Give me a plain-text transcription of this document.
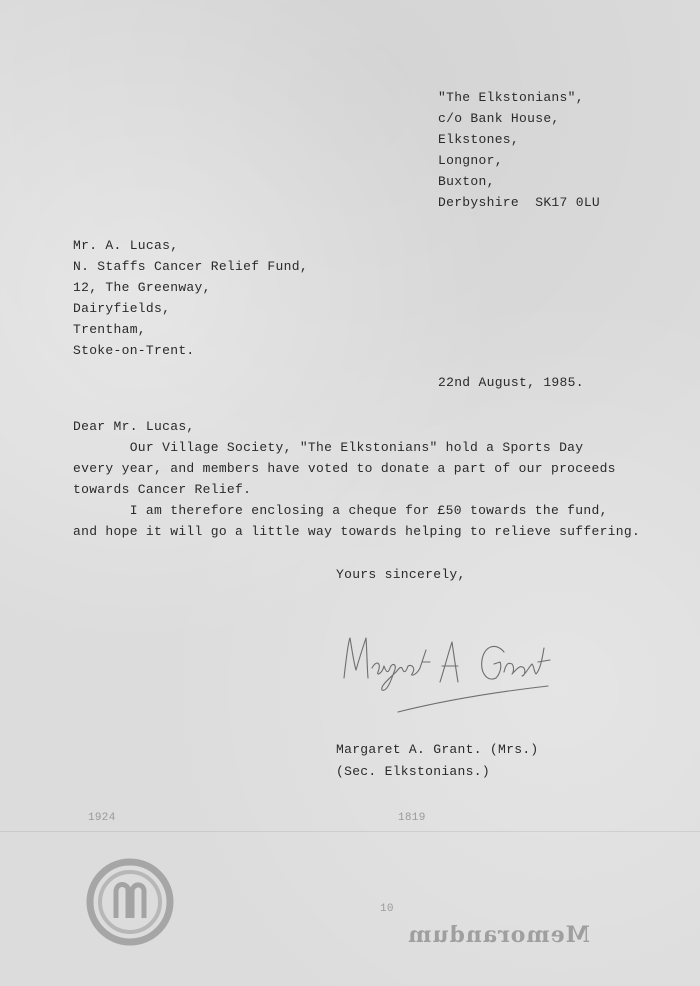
"The Elkstonians",
c/o Bank House,
Elkstones,
Longnor,
Buxton,
Derbyshire  SK17 0LU
Mr. A. Lucas,
N. Staffs Cancer Relief Fund,
12, The Greenway,
Dairyfields,
Trentham,
Stoke-on-Trent.
22nd August, 1985.
Dear Mr. Lucas,
Our Village Society, "The Elkstonians" hold a Sports Day
every year, and members have voted to donate a part of our proceeds
towards Cancer Relief.
I am therefore enclosing a cheque for £50 towards the fund,
and hope it will go a little way towards helping to relieve suffering.
Yours sincerely,
Margaret A. Grant. (Mrs.)
(Sec. Elkstonians.)
1924	1819
10
Memorandum
